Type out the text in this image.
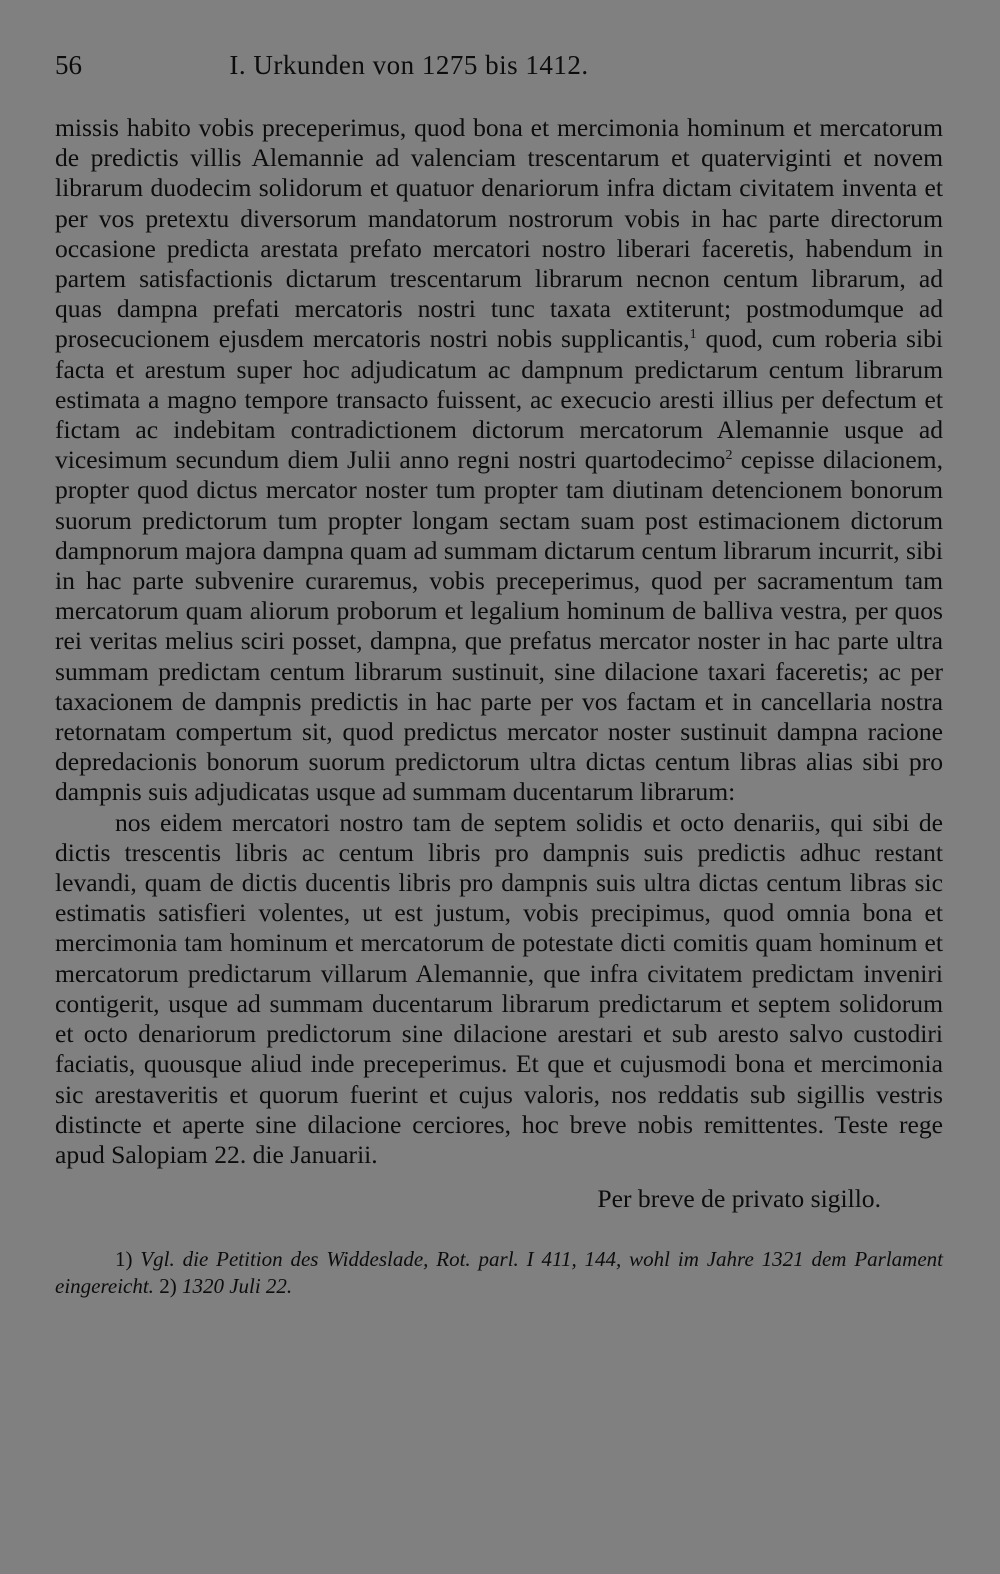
56	I. Urkunden von 1275 bis 1412.

missis habito vobis preceperimus, quod bona et mercimonia hominum et mercatorum de predictis villis Alemannie ad valenciam trescentarum et quaterviginti et novem librarum duodecim solidorum et quatuor denariorum infra dictam civitatem inventa et per vos pretextu diversorum mandatorum nostrorum vobis in hac parte directorum occasione predicta arestata prefato mercatori nostro liberari faceretis, habendum in partem satisfactionis dictarum trescentarum librarum necnon centum librarum, ad quas dampna prefati mercatoris nostri tunc taxata extiterunt; postmodumque ad prosecucionem ejusdem mercatoris nostri nobis supplicantis,$^1$ quod, cum roberia sibi facta et arestum super hoc adjudicatum ac dampnum predictarum centum librarum estimata a magno tempore transacto fuissent, ac execucio aresti illius per defectum et fictam ac indebitam contradictionem dictorum mercatorum Alemannie usque ad vicesimum secundum diem Julii anno regni nostri quartodecimo$^2$ cepisse dilacionem, propter quod dictus mercator noster tum propter tam diutinam detencionem bonorum suorum predictorum tum propter longam sectam suam post estimacionem dictorum dampnorum majora dampna quam ad summam dictarum centum librarum incurrit, sibi in hac parte subvenire curaremus, vobis preceperimus, quod per sacramentum tam mercatorum quam aliorum proborum et legalium hominum de balliva vestra, per quos rei veritas melius sciri posset, dampna, que prefatus mercator noster in hac parte ultra summam predictam centum librarum sustinuit, sine dilacione taxari faceretis; ac per taxacionem de dampnis predictis in hac parte per vos factam et in cancellaria nostra retornatam compertum sit, quod predictus mercator noster sustinuit dampna racione depredacionis bonorum suorum predictorum ultra dictas centum libras alias sibi pro dampnis suis adjudicatas usque ad summam ducentarum librarum:

nos eidem mercatori nostro tam de septem solidis et octo denariis, qui sibi de dictis trescentis libris ac centum libris pro dampnis suis predictis adhuc restant levandi, quam de dictis ducentis libris pro dampnis suis ultra dictas centum libras sic estimatis satisfieri volentes, ut est justum, vobis precipimus, quod omnia bona et mercimonia tam hominum et mercatorum de potestate dicti comitis quam hominum et mercatorum predictarum villarum Alemannie, que infra civitatem predictam inveniri contigerit, usque ad summam ducentarum librarum predictarum et septem solidorum et octo denariorum predictorum sine dilacione arestari et sub aresto salvo custodiri faciatis, quousque aliud inde preceperimus. Et que et cujusmodi bona et mercimonia sic arestaveritis et quorum fuerint et cujus valoris, nos reddatis sub sigillis vestris distincte et aperte sine dilacione cerciores, hoc breve nobis remittentes. Teste rege apud Salopiam 22. die Januarii.

Per breve de privato sigillo.
1) Vgl. die Petition des Widdeslade, Rot. parl. I 411, 144, wohl im Jahre 1321 dem Parlament eingereicht. 2) 1320 Juli 22.
